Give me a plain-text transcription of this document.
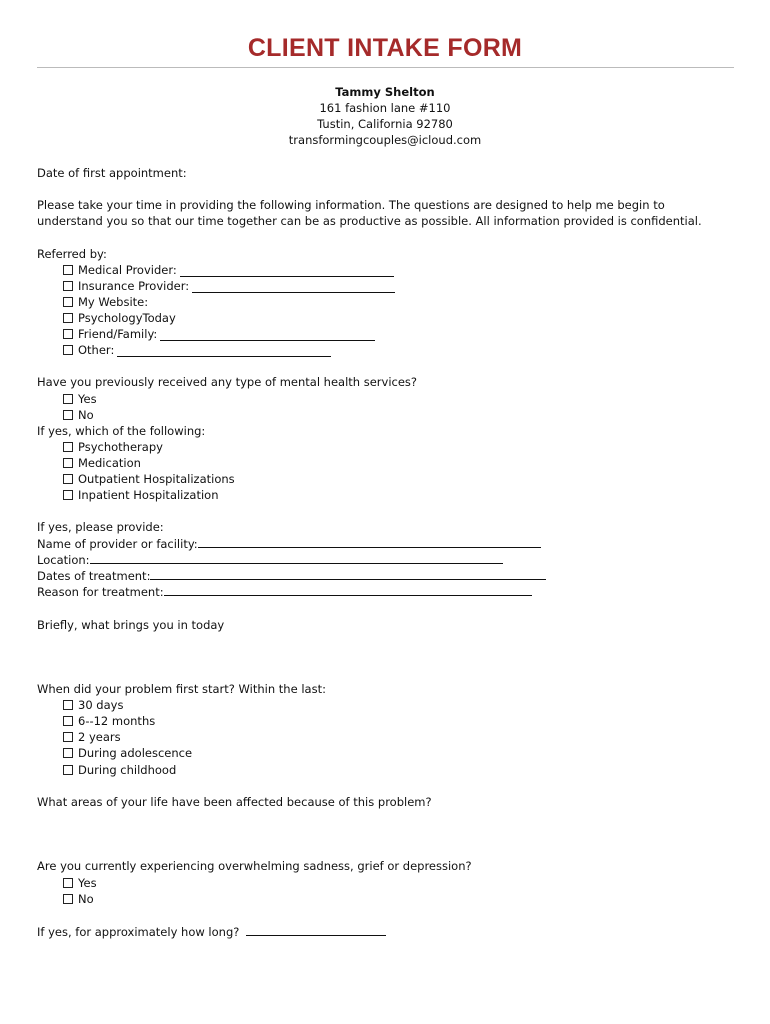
CLIENT INTAKE FORM
Tammy Shelton
161 fashion lane #110
Tustin, California 92780
transformingcouples@icloud.com
Date of first appointment:
Please take your time in providing the following information. The questions are designed to help me begin to
understand you so that our time together can be as productive as possible. All information provided is confidential.
Referred by:
Medical Provider:
Insurance Provider:
My Website:
PsychologyToday
Friend/Family:
Other:
Have you previously received any type of mental health services?
Yes
No
If yes, which of the following:
Psychotherapy
Medication
Outpatient Hospitalizations
Inpatient Hospitalization
If yes, please provide:
Name of provider or facility:
Location:
Dates of treatment:
Reason for treatment:
Briefly, what brings you in today
When did your problem first start? Within the last:
30 days
6--12 months
2 years
During adolescence
During childhood
What areas of your life have been affected because of this problem?
Are you currently experiencing overwhelming sadness, grief or depression?
Yes
No
If yes, for approximately how long?
